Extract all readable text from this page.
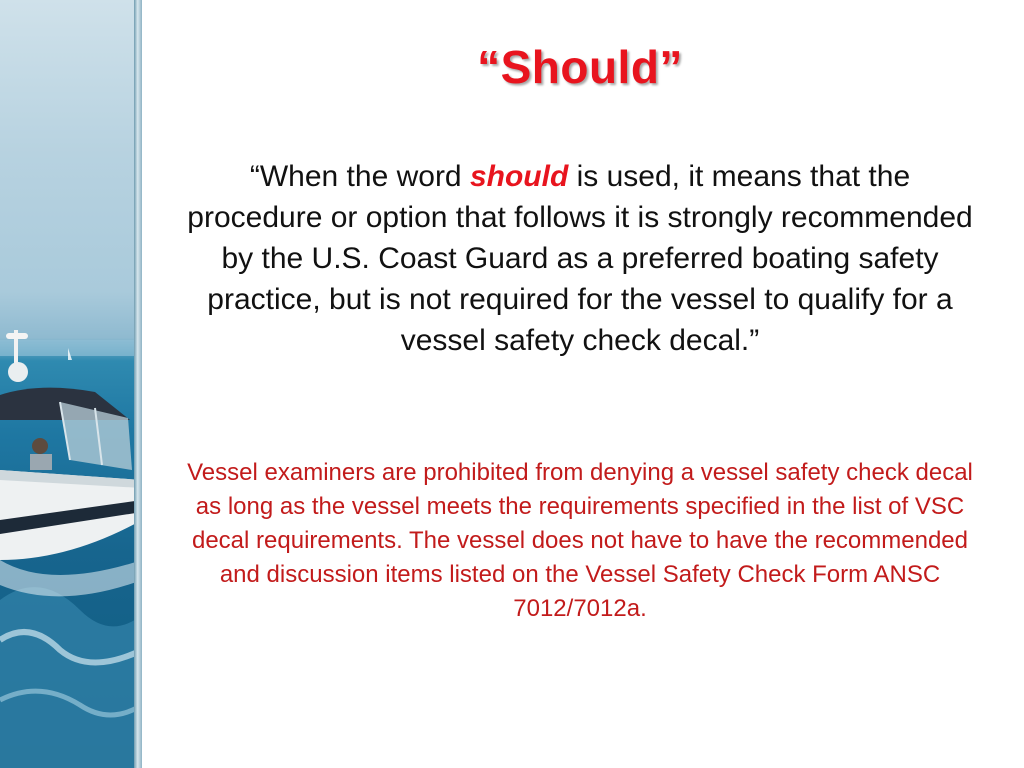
“Should”

“When the word should is used, it means that the procedure or option that follows it is strongly recommended by the U.S. Coast Guard as a preferred boating safety practice, but is not required for the vessel to qualify for a vessel safety check decal.”

Vessel examiners are prohibited from denying a vessel safety check decal as long as the vessel meets the requirements specified in the list of VSC decal requirements. The vessel does not have to have the recommended and discussion items listed on the Vessel Safety Check Form ANSC 7012/7012a.
